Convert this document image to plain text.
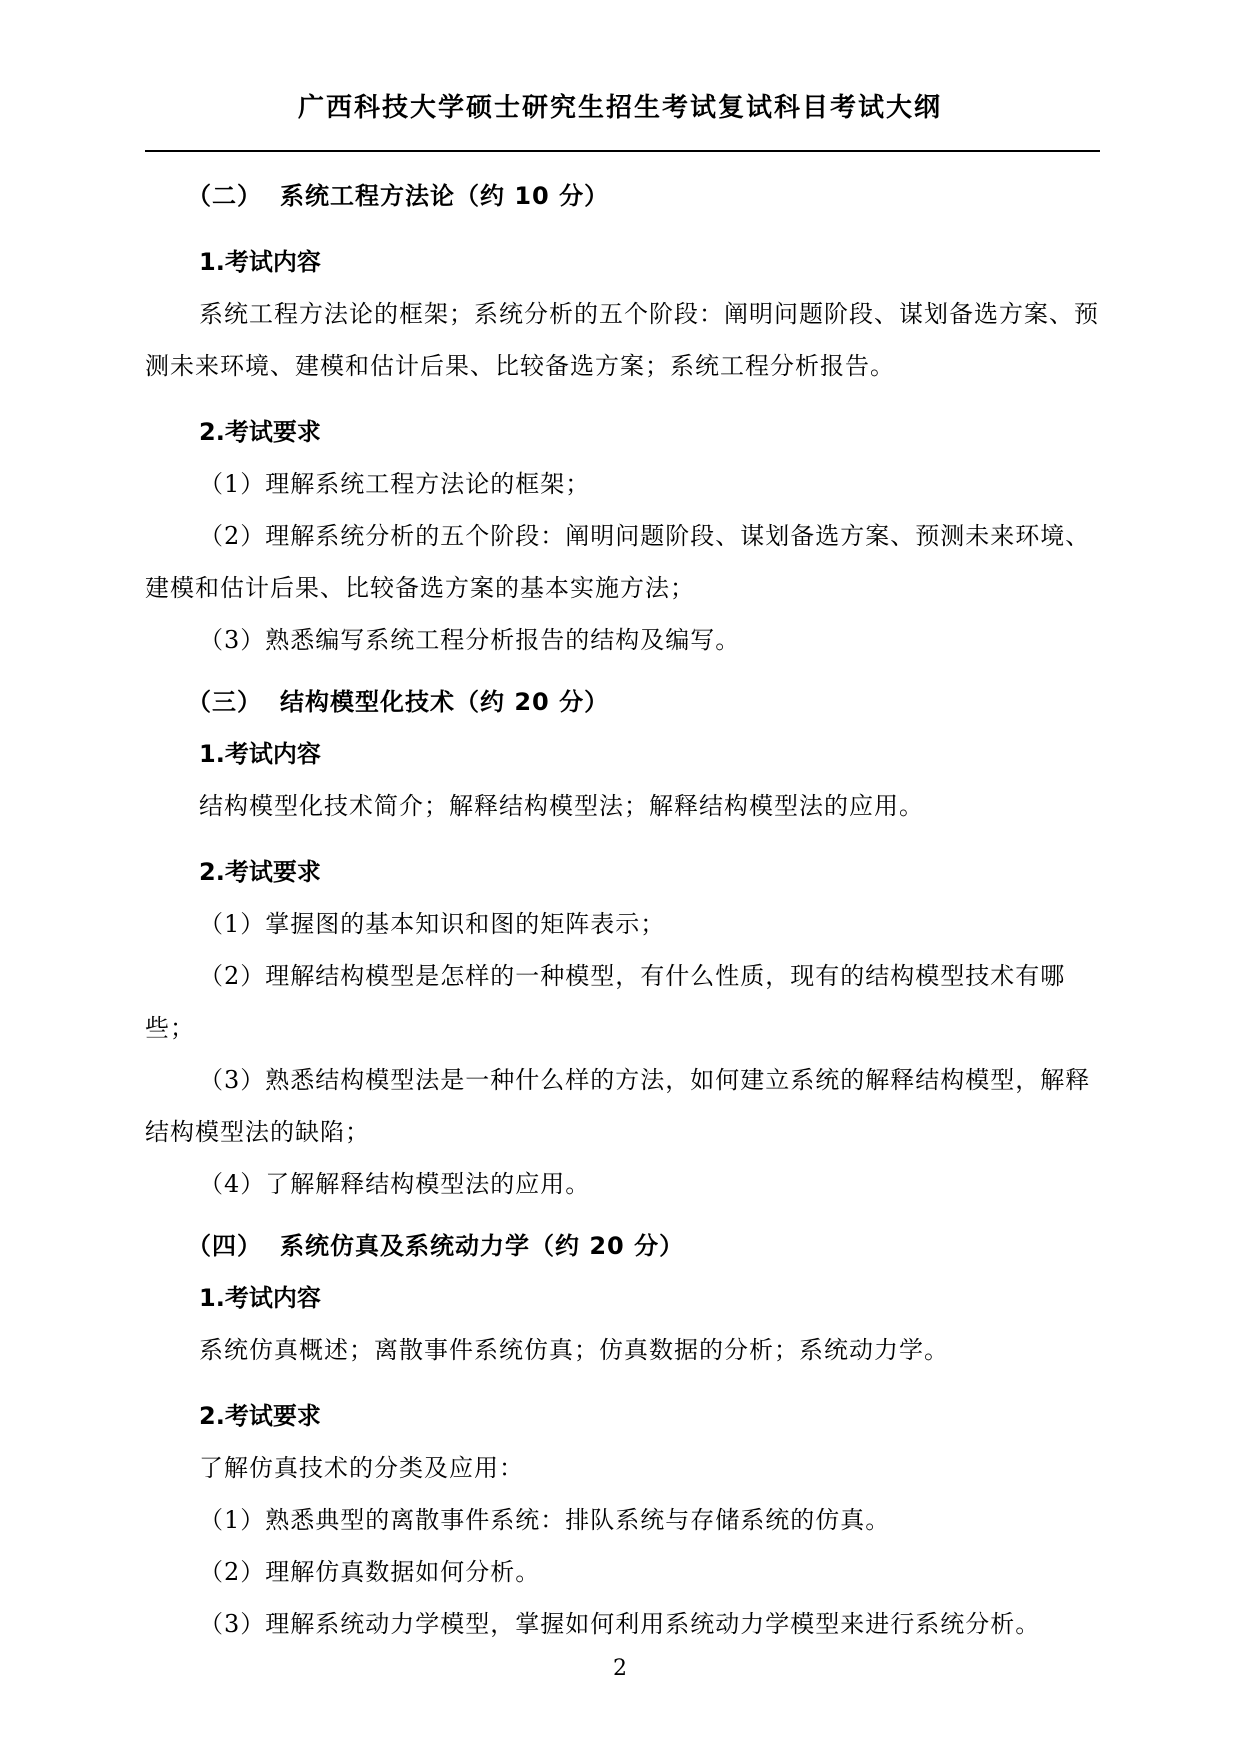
广西科技大学硕士研究生招生考试复试科目考试大纲

（二） 系统工程方法论（约 10 分）

1.考试内容

系统工程方法论的框架；系统分析的五个阶段：阐明问题阶段、谋划备选方案、预测未来环境、建模和估计后果、比较备选方案；系统工程分析报告。

2.考试要求

（1）理解系统工程方法论的框架；

（2）理解系统分析的五个阶段：阐明问题阶段、谋划备选方案、预测未来环境、建模和估计后果、比较备选方案的基本实施方法；

（3）熟悉编写系统工程分析报告的结构及编写。

（三） 结构模型化技术（约 20 分）

1.考试内容

结构模型化技术简介；解释结构模型法；解释结构模型法的应用。

2.考试要求

（1）掌握图的基本知识和图的矩阵表示；

（2）理解结构模型是怎样的一种模型，有什么性质，现有的结构模型技术有哪些；

（3）熟悉结构模型法是一种什么样的方法，如何建立系统的解释结构模型，解释结构模型法的缺陷；

（4）了解解释结构模型法的应用。

（四） 系统仿真及系统动力学（约 20 分）

1.考试内容

系统仿真概述；离散事件系统仿真；仿真数据的分析；系统动力学。

2.考试要求

了解仿真技术的分类及应用：

（1）熟悉典型的离散事件系统：排队系统与存储系统的仿真。

（2）理解仿真数据如何分析。

（3）理解系统动力学模型，掌握如何利用系统动力学模型来进行系统分析。

2
